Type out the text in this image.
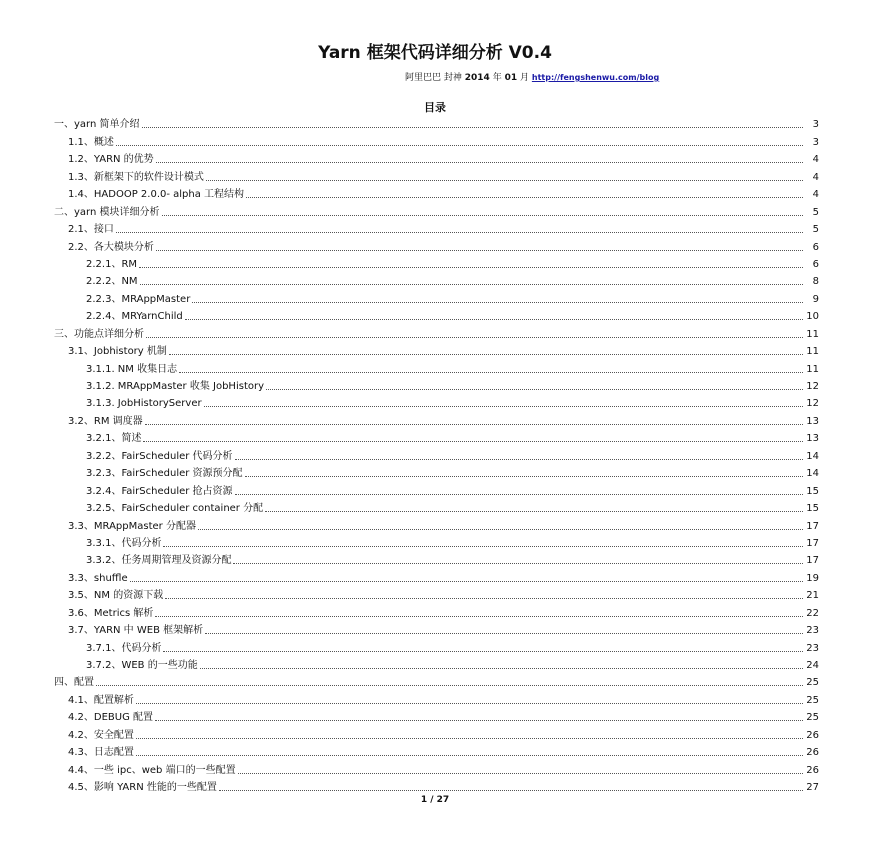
Yarn 框架代码详细分析 V0.4
阿里巴巴 封神 2014 年 01 月 http://fengshenwu.com/blog
目录
一、yarn 简单介绍	3
1.1、概述	3
1.2、YARN 的优势	4
1.3、新框架下的软件设计模式	4
1.4、HADOOP 2.0.0- alpha 工程结构	4
二、yarn 模块详细分析	5
2.1、接口	5
2.2、各大模块分析	6
2.2.1、RM	6
2.2.2、NM	8
2.2.3、MRAppMaster	9
2.2.4、MRYarnChild	10
三、功能点详细分析	11
3.1、Jobhistory 机制	11
3.1.1. NM 收集日志	11
3.1.2. MRAppMaster 收集 JobHistory	12
3.1.3. JobHistoryServer	12
3.2、RM 调度器	13
3.2.1、简述	13
3.2.2、FairScheduler 代码分析	14
3.2.3、FairScheduler 资源预分配	14
3.2.4、FairScheduler 抢占资源	15
3.2.5、FairScheduler container 分配	15
3.3、MRAppMaster 分配器	17
3.3.1、代码分析	17
3.3.2、任务周期管理及资源分配	17
3.3、shuffle	19
3.5、NM 的资源下载	21
3.6、Metrics 解析	22
3.7、YARN 中 WEB 框架解析	23
3.7.1、代码分析	23
3.7.2、WEB 的一些功能	24
四、配置	25
4.1、配置解析	25
4.2、DEBUG 配置	25
4.2、安全配置	26
4.3、日志配置	26
4.4、一些 ipc、web 端口的一些配置	26
4.5、影响 YARN 性能的一些配置	27
1 / 27
